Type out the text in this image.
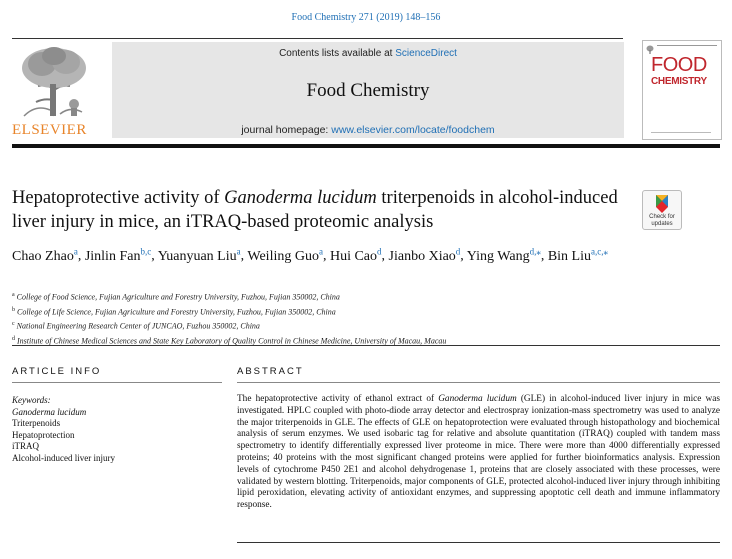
Food Chemistry 271 (2019) 148–156
ELSEVIER
Contents lists available at ScienceDirect
Food Chemistry
journal homepage: www.elsevier.com/locate/foodchem
FOOD
CHEMISTRY
Hepatoprotective activity of Ganoderma lucidum triterpenoids in alcohol-induced liver injury in mice, an iTRAQ-based proteomic analysis	Check for
updates
Chao Zhao$^a$, Jinlin Fan$^{b,c}$, Yuanyuan Liu$^a$, Weiling Guo$^a$, Hui Cao$^d$, Jianbo Xiao$^d$, Ying Wang$^{d,⁎}$, Bin Liu$^{a,c,⁎}$
$^a$ College of Food Science, Fujian Agriculture and Forestry University, Fuzhou, Fujian 350002, China
$^b$ College of Life Science, Fujian Agriculture and Forestry University, Fuzhou, Fujian 350002, China
$^c$ National Engineering Research Center of JUNCAO, Fuzhou 350002, China
$^d$ Institute of Chinese Medical Sciences and State Key Laboratory of Quality Control in Chinese Medicine, University of Macau, Macau
ARTICLE INFO	ABSTRACT
Keywords:
Ganoderma lucidum
Triterpenoids
Hepatoprotection
iTRAQ
Alcohol-induced liver injury
The hepatoprotective activity of ethanol extract of Ganoderma lucidum (GLE) in alcohol-induced liver injury in mice was investigated. HPLC coupled with photo-diode array detector and electrospray ionization-mass spectrometry was used to analyze the major triterpenoids in GLE. The effects of GLE on hepatoprotection were evaluated through histopathology and biochemical analysis of serum enzymes. We used isobaric tag for relative and absolute quantitation (iTRAQ) coupled with tandem mass spectrometry to identify differentially expressed liver proteome in mice. There were more than 4000 differentially expressed proteins; 40 proteins with the most significant changed proteins were applied for further bioinformatics analysis. Expression levels of cytochrome P450 2E1 and alcohol dehydrogenase 1, proteins that are closely associated with these processes, were validated by western blotting. Triterpenoids, major components of GLE, protected alcohol-induced liver injury through inhibiting lipid peroxidation, elevating activity of antioxidant enzymes, and suppressing apoptotic cell death and immune inflammatory response.
